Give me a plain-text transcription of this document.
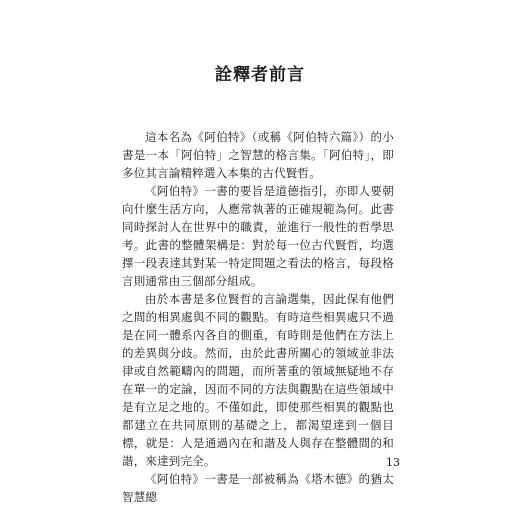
詮釋者前言

這本名為《阿伯特》（或稱《阿伯特六篇》）的小書是一本「阿伯特」之智慧的格言集。「阿伯特」，即多位其言論精粹選入本集的古代賢哲。

《阿伯特》一書的要旨是道德指引，亦即人要朝向什麼生活方向，人應常執著的正確規範為何。此書同時探討人在世界中的職責，並進行一般性的哲學思考。此書的整體架構是：對於每一位古代賢哲，均選擇一段表達其對某一特定問題之看法的格言，每段格言則通常由三個部分組成。

由於本書是多位賢哲的言論選集，因此保有他們之間的相異處與不同的觀點。有時這些相異處只不過是在同一體系內各自的側重，有時則是他們在方法上的差異與分歧。然而，由於此書所關心的領域並非法律或自然範疇內的問題，而所著重的領域無疑地不存在單一的定論，因而不同的方法與觀點在這些領域中是有立足之地的。不僅如此，即使那些相異的觀點也都建立在共同原則的基礎之上，都渴望達到一個目標，就是：人是通過內在和諧及人與存在整體間的和諧，來達到完全。

《阿伯特》一書是一部被稱為《塔木德》的猶太智慧總

13
